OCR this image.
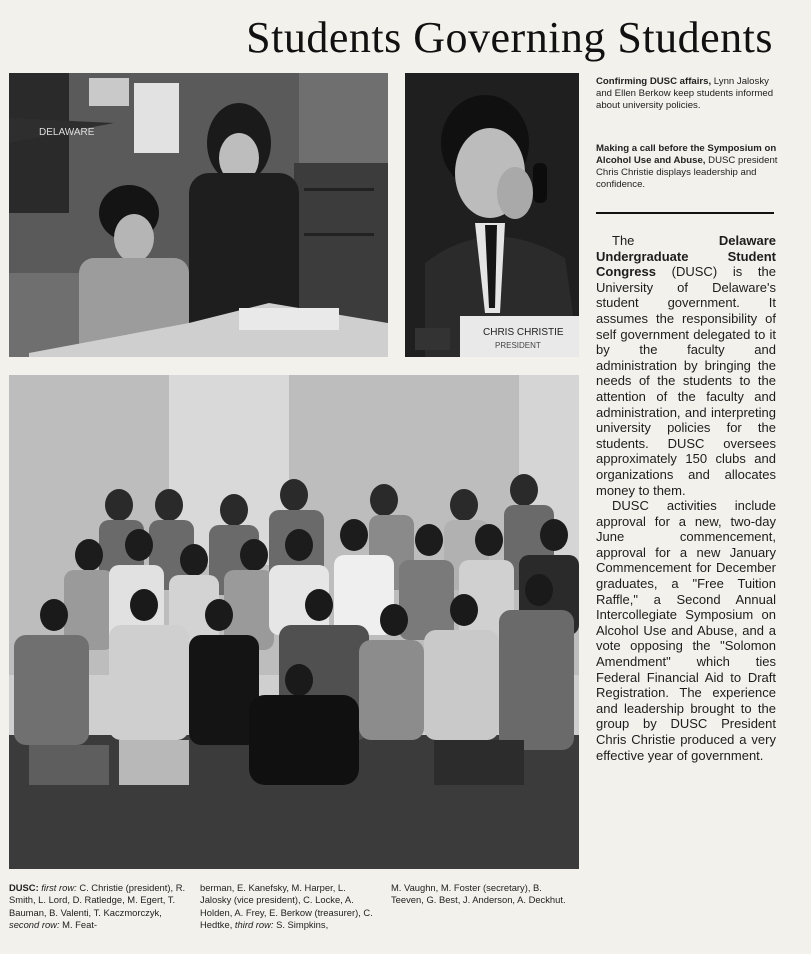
Students Governing Students
DELAWARE
CHRIS CHRISTIE
PRESIDENT
Confirming DUSC affairs, Lynn Jalosky and Ellen Berkow keep students informed about university policies.
Making a call before the Symposium on Alcohol Use and Abuse, DUSC president Chris Christie displays leadership and confidence.

The Delaware Undergraduate Student Congress (DUSC) is the University of Delaware's student government. It assumes the responsibility of self government delegated to it by the faculty and administration by bringing the needs of the students to the attention of the faculty and administration, and interpreting university policies for the students. DUSC oversees approximately 150 clubs and organizations and allocates money to them.

DUSC activities include approval for a new, two-day June commencement, approval for a new January Commencement for December graduates, a "Free Tuition Raffle," a Second Annual Intercollegiate Symposium on Alcohol Use and Abuse, and a vote opposing the "Solomon Amendment" which ties Federal Financial Aid to Draft Registration. The experience and leadership brought to the group by DUSC President Chris Christie produced a very effective year of government.

DUSC: first row: C. Christie (president), R. Smith, L. Lord, D. Ratledge, M. Egert, T. Bauman, B. Valenti, T. Kaczmorczyk, second row: M. Feat-
berman, E. Kanefsky, M. Harper, L. Jalosky (vice president), C. Locke, A. Holden, A. Frey, E. Berkow (treasurer), C. Hedtke, third row: S. Simpkins,
M. Vaughn, M. Foster (secretary), B. Teeven, G. Best, J. Anderson, A. Deckhut.
